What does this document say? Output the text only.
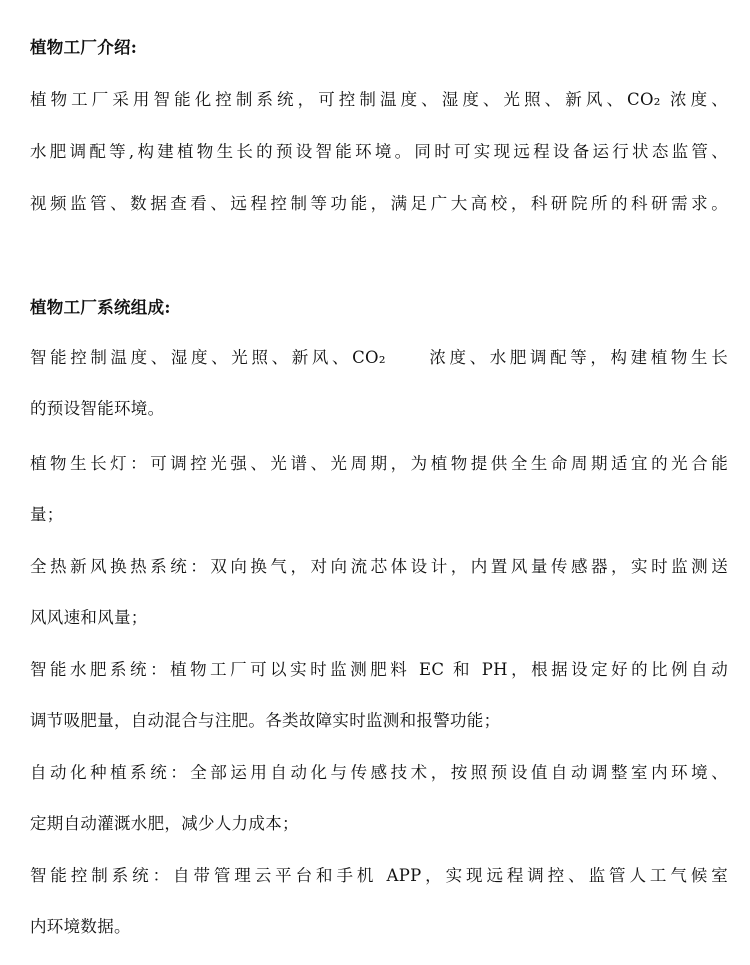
植物工厂介绍:
植物工厂采用智能化控制系统，可控制温度、湿度、光照、新风、CO₂ 浓度、
水肥调配等,构建植物生长的预设智能环境。同时可实现远程设备运行状态监管、
视频监管、数据查看、远程控制等功能，满足广大高校，科研院所的科研需求。
植物工厂系统组成:
智能控制温度、湿度、光照、新风、CO₂　　浓度、水肥调配等，构建植物生长
的预设智能环境。
植物生长灯：可调控光强、光谱、光周期，为植物提供全生命周期适宜的光合能
量；
全热新风换热系统：双向换气，对向流芯体设计，内置风量传感器，实时监测送
风风速和风量；
智能水肥系统：植物工厂可以实时监测肥料 EC 和 PH，根据设定好的比例自动
调节吸肥量，自动混合与注肥。各类故障实时监测和报警功能；
自动化种植系统：全部运用自动化与传感技术，按照预设值自动调整室内环境、
定期自动灌溉水肥，减少人力成本；
智能控制系统：自带管理云平台和手机 APP，实现远程调控、监管人工气候室
内环境数据。
